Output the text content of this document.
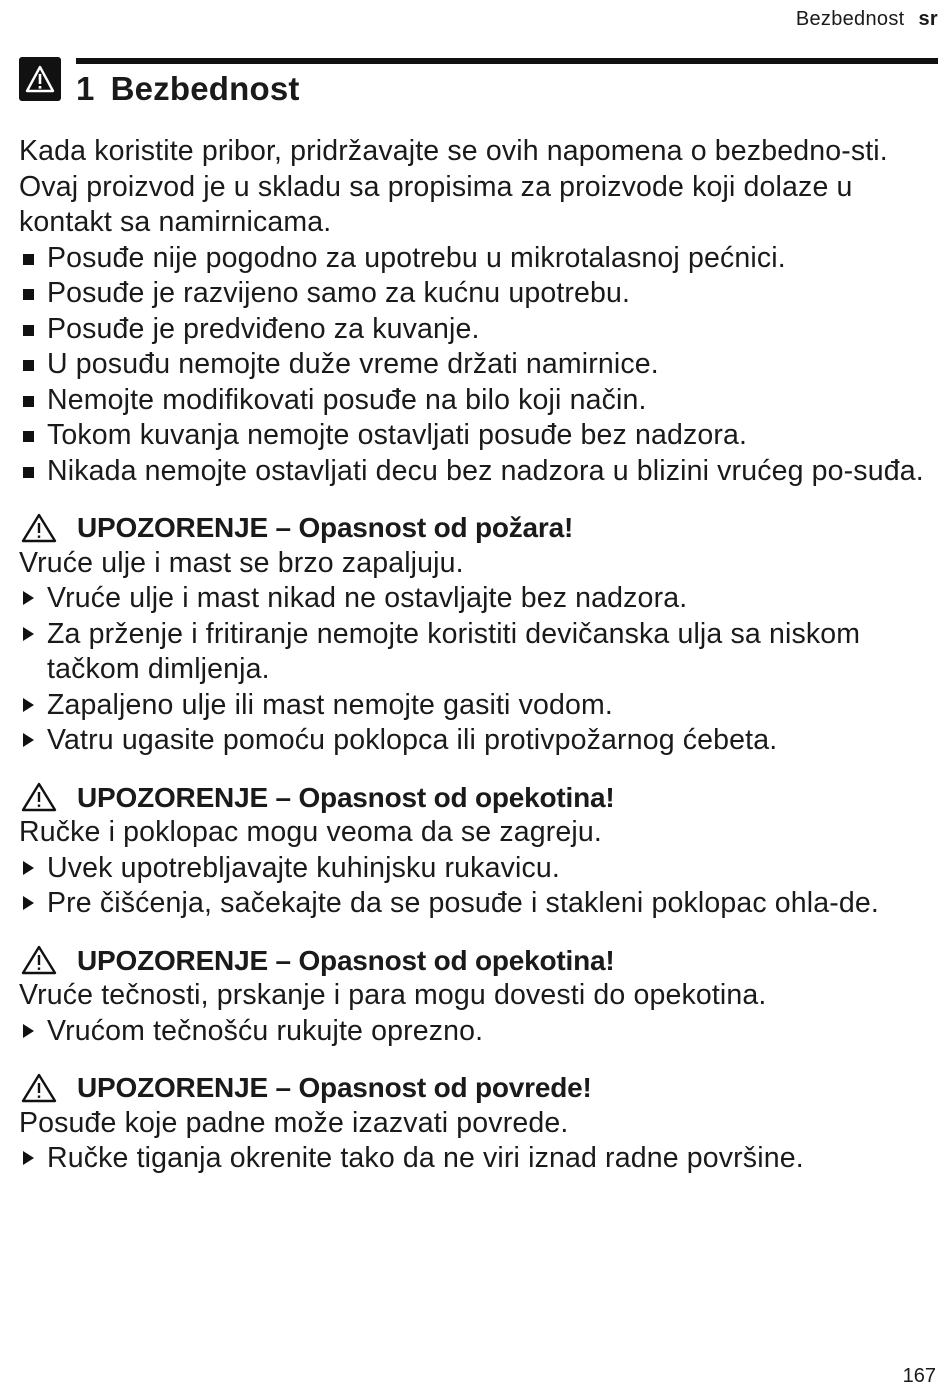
Bezbednost sr
1 Bezbednost

Kada koristite pribor, pridržavajte se ovih napomena o bezbedno-sti.

Ovaj proizvod je u skladu sa propisima za proizvode koji dolaze u kontakt sa namirnicama.

Posuđe nije pogodno za upotrebu u mikrotalasnoj pećnici.
Posuđe je razvijeno samo za kućnu upotrebu.
Posuđe je predviđeno za kuvanje.
U posuđu nemojte duže vreme držati namirnice.
Nemojte modifikovati posuđe na bilo koji način.
Tokom kuvanja nemojte ostavljati posuđe bez nadzora.
Nikada nemojte ostavljati decu bez nadzora u blizini vrućeg po-suđa.
UPOZORENJE – Opasnost od požara!

Vruće ulje i mast se brzo zapaljuju.

Vruće ulje i mast nikad ne ostavljajte bez nadzora.
Za prženje i fritiranje nemojte koristiti devičanska ulja sa niskom tačkom dimljenja.
Zapaljeno ulje ili mast nemojte gasiti vodom.
Vatru ugasite pomoću poklopca ili protivpožarnog ćebeta.
UPOZORENJE – Opasnost od opekotina!

Ručke i poklopac mogu veoma da se zagreju.

Uvek upotrebljavajte kuhinjsku rukavicu.
Pre čišćenja, sačekajte da se posuđe i stakleni poklopac ohla-de.
UPOZORENJE – Opasnost od opekotina!

Vruće tečnosti, prskanje i para mogu dovesti do opekotina.

Vrućom tečnošću rukujte oprezno.
UPOZORENJE – Opasnost od povrede!

Posuđe koje padne može izazvati povrede.

Ručke tiganja okrenite tako da ne viri iznad radne površine.
167
